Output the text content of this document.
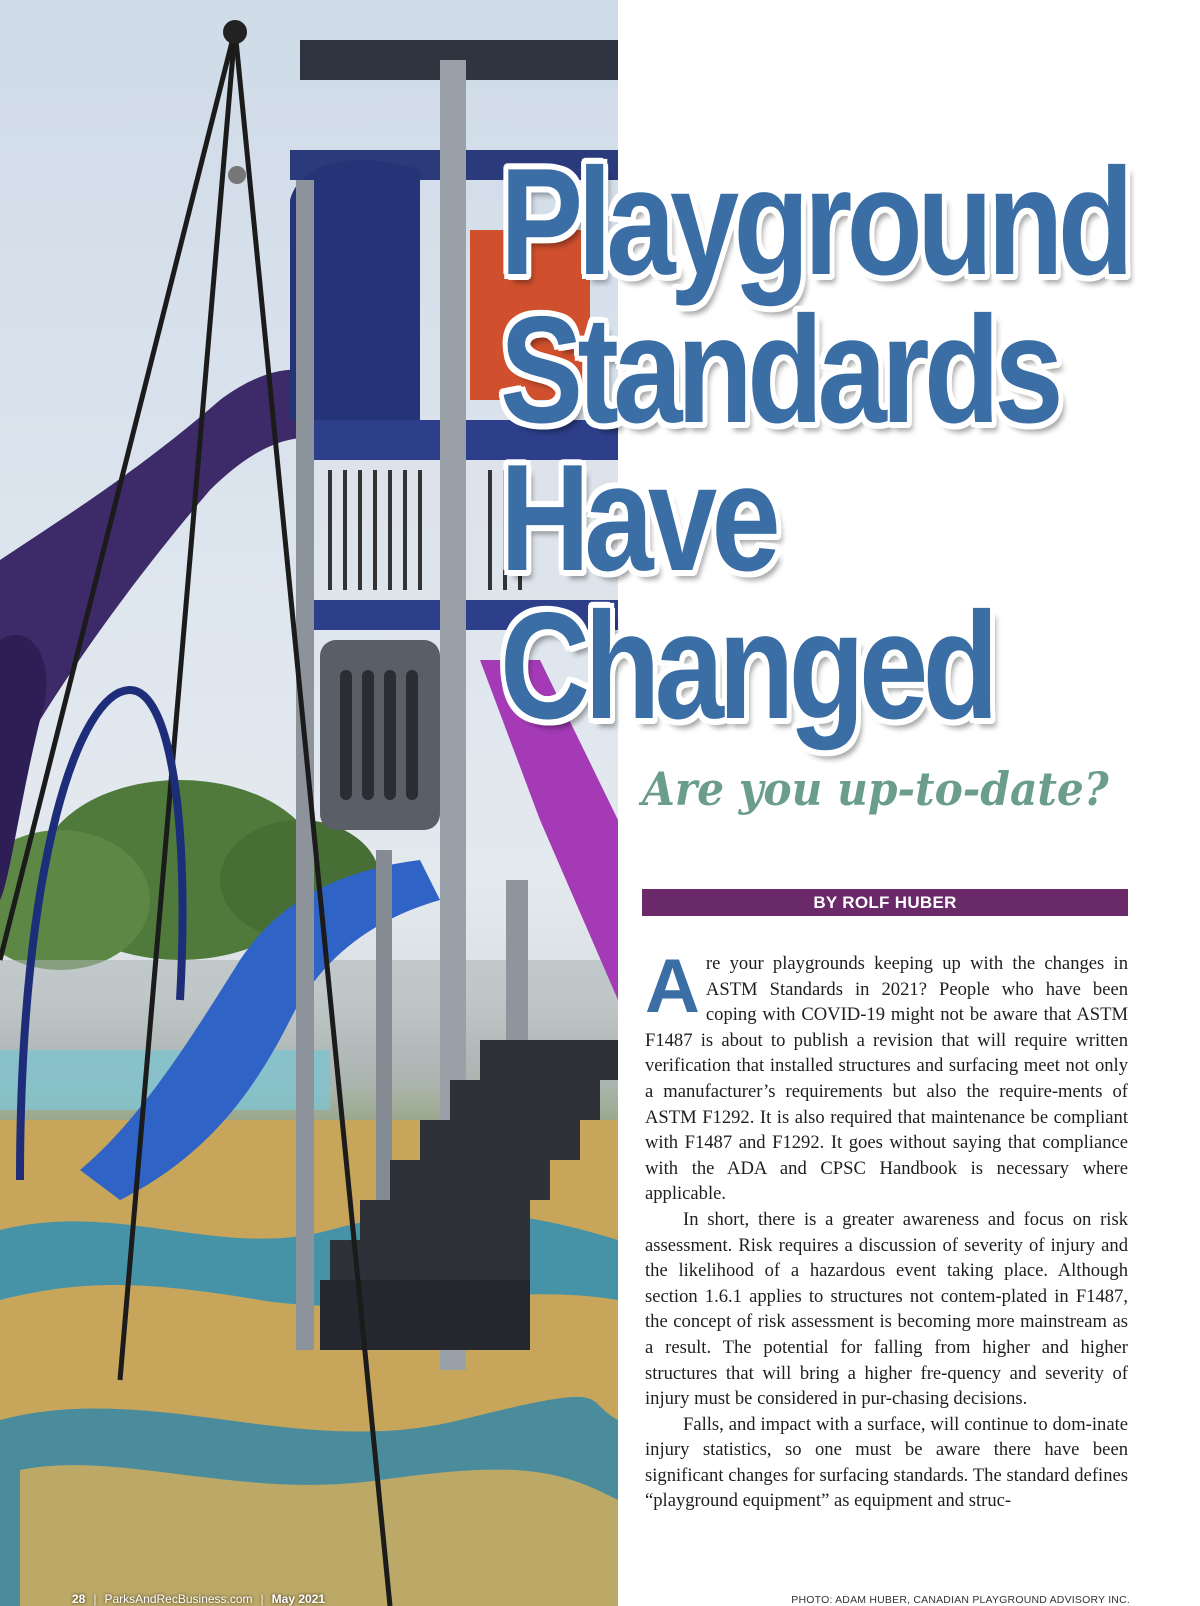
Playground
Standards
Have
Changed
Are you up-to-date?
BY ROLF HUBER

Are your playgrounds keeping up with the changes in ASTM Standards in 2021? People who have been coping with COVID-19 might not be aware that ASTM F1487 is about to publish a revision that will require written verification that installed structures and surfacing meet not only a manufacturer’s requirements but also the require-ments of ASTM F1292. It is also required that maintenance be compliant with F1487 and F1292. It goes without saying that compliance with the ADA and CPSC Handbook is necessary where applicable.

In short, there is a greater awareness and focus on risk assessment. Risk requires a discussion of severity of injury and the likelihood of a hazardous event taking place. Although section 1.6.1 applies to structures not contem-plated in F1487, the concept of risk assessment is becoming more mainstream as a result. The potential for falling from higher and higher structures that will bring a higher fre-quency and severity of injury must be considered in pur-chasing decisions.

Falls, and impact with a surface, will continue to dom-inate injury statistics, so one must be aware there have been significant changes for surfacing standards. The standard defines “playground equipment” as equipment and struc-

28 | ParksAndRecBusiness.com | May 2021	PHOTO: ADAM HUBER, CANADIAN PLAYGROUND ADVISORY INC.
